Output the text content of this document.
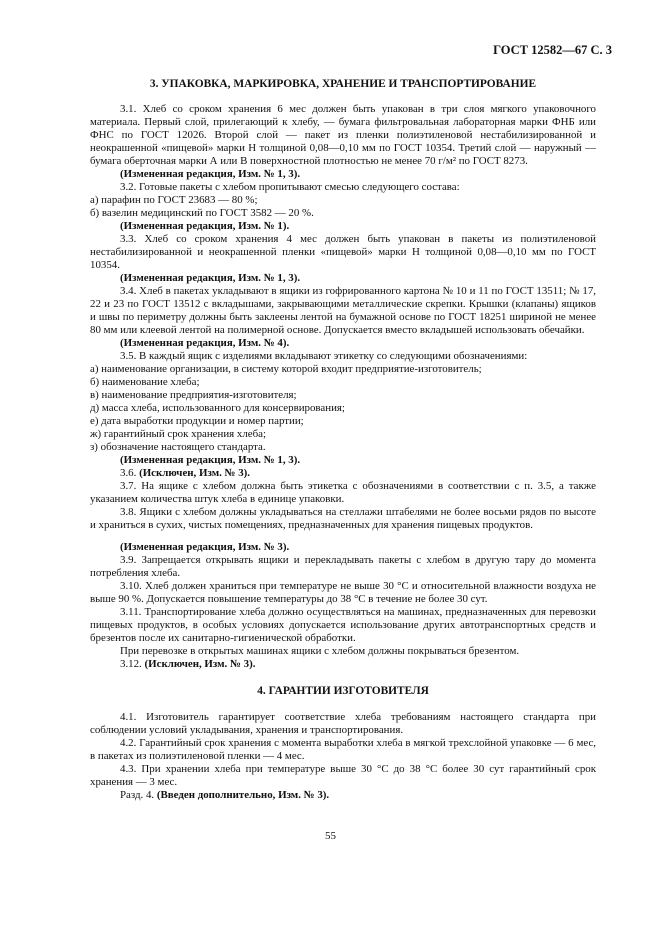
ГОСТ 12582—67 С. 3
3. УПАКОВКА, МАРКИРОВКА, ХРАНЕНИЕ И ТРАНСПОРТИРОВАНИЕ

3.1. Хлеб со сроком хранения 6 мес должен быть упакован в три слоя мягкого упаковочного материала. Первый слой, прилегающий к хлебу, — бумага фильтровальная лабораторная марки ФНБ или ФНС по ГОСТ 12026. Второй слой — пакет из пленки полиэтиленовой нестабилизированной и неокрашенной «пищевой» марки Н толщиной 0,08—0,10 мм по ГОСТ 10354. Третий слой — наружный — бумага оберточная марки А или В поверхностной плотностью не менее 70 г/м² по ГОСТ 8273.

(Измененная редакция, Изм. № 1, 3).

3.2. Готовые пакеты с хлебом пропитывают смесью следующего состава:

а) парафин по ГОСТ 23683 — 80 %;

б) вазелин медицинский по ГОСТ 3582 — 20 %.

(Измененная редакция, Изм. № 1).

3.3. Хлеб со сроком хранения 4 мес должен быть упакован в пакеты из полиэтиленовой нестабилизированной и неокрашенной пленки «пищевой» марки Н толщиной 0,08—0,10 мм по ГОСТ 10354.

(Измененная редакция, Изм. № 1, 3).

3.4. Хлеб в пакетах укладывают в ящики из гофрированного картона № 10 и 11 по ГОСТ 13511; № 17, 22 и 23 по ГОСТ 13512 с вкладышами, закрывающими металлические скрепки. Крышки (клапаны) ящиков и швы по периметру должны быть заклеены лентой на бумажной основе по ГОСТ 18251 шириной не менее 80 мм или клеевой лентой на полимерной основе. Допускается вместо вкладышей использовать обечайки.

(Измененная редакция, Изм. № 4).

3.5. В каждый ящик с изделиями вкладывают этикетку со следующими обозначениями:

а) наименование организации, в систему которой входит предприятие-изготовитель;

б) наименование хлеба;

в) наименование предприятия-изготовителя;

д) масса хлеба, использованного для консервирования;

е) дата выработки продукции и номер партии;

ж) гарантийный срок хранения хлеба;

з) обозначение настоящего стандарта.

(Измененная редакция, Изм. № 1, 3).

3.6. (Исключен, Изм. № 3).

3.7. На ящике с хлебом должна быть этикетка с обозначениями в соответствии с п. 3.5, а также указанием количества штук хлеба в единице упаковки.

3.8. Ящики с хлебом должны укладываться на стеллажи штабелями не более восьми рядов по высоте и храниться в сухих, чистых помещениях, предназначенных для хранения пищевых продуктов.

(Измененная редакция, Изм. № 3).

3.9. Запрещается открывать ящики и перекладывать пакеты с хлебом в другую тару до момента потребления хлеба.

3.10. Хлеб должен храниться при температуре не выше 30 °С и относительной влажности воздуха не выше 90 %. Допускается повышение температуры до 38 °С в течение не более 30 сут.

3.11. Транспортирование хлеба должно осуществляться на машинах, предназначенных для перевозки пищевых продуктов, в особых условиях допускается использование других автотранспортных средств и брезентов после их санитарно-гигиенической обработки.

При перевозке в открытых машинах ящики с хлебом должны покрываться брезентом.

3.12. (Исключен, Изм. № 3).

4. ГАРАНТИИ ИЗГОТОВИТЕЛЯ

4.1. Изготовитель гарантирует соответствие хлеба требованиям настоящего стандарта при соблюдении условий укладывания, хранения и транспортирования.

4.2. Гарантийный срок хранения с момента выработки хлеба в мягкой трехслойной упаковке — 6 мес, в пакетах из полиэтиленовой пленки — 4 мес.

4.3. При хранении хлеба при температуре выше 30 °С до 38 °С более 30 сут гарантийный срок хранения — 3 мес.

Разд. 4. (Введен дополнительно, Изм. № 3).

55
